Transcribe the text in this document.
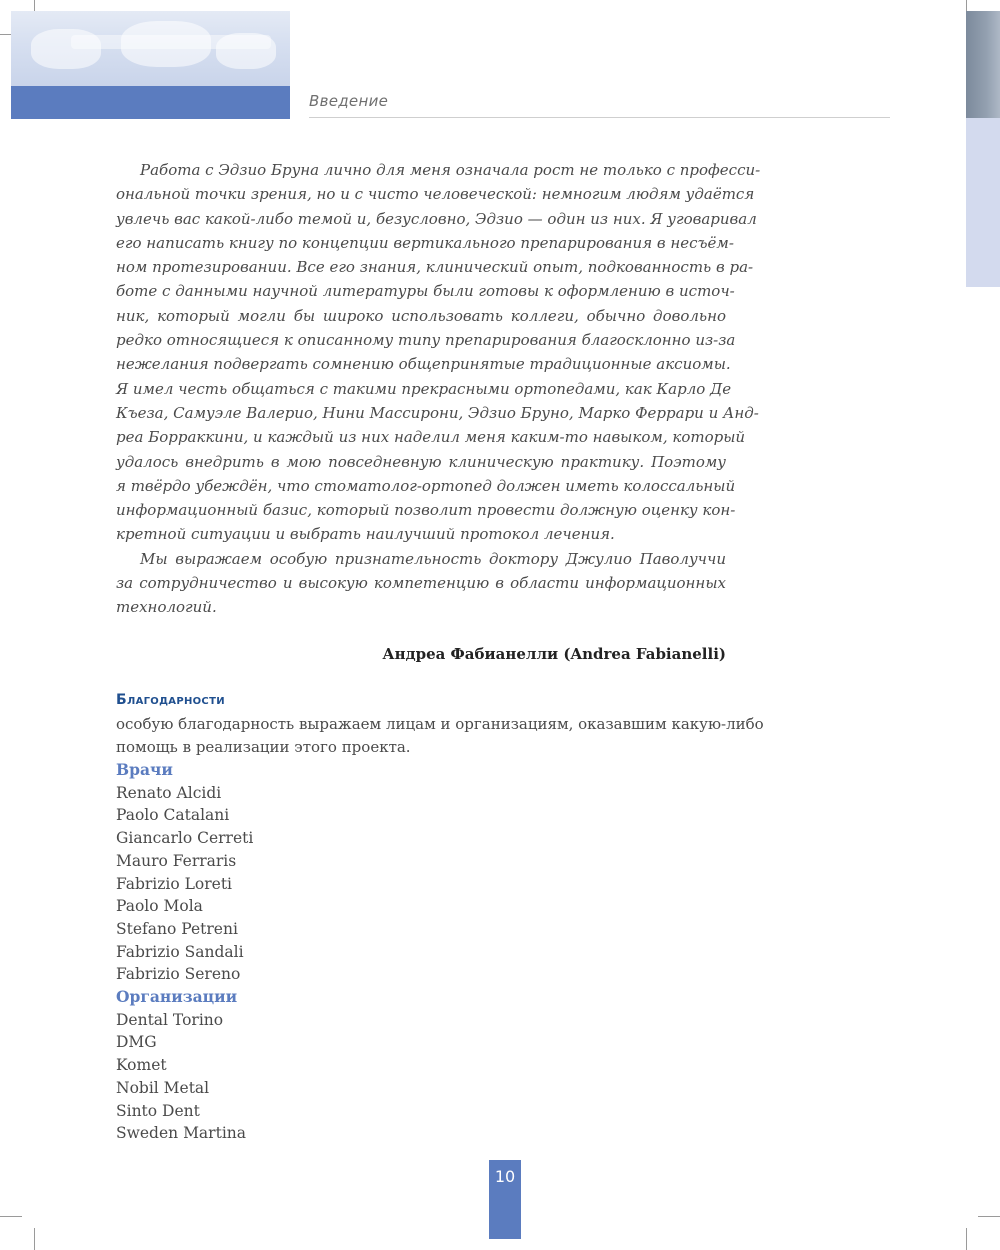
Введение
Работа с Эдзио Бруна лично для меня означала рост не только с професси-
ональной точки зрения, но и с чисто человеческой: немногим людям удаётся
увлечь вас какой-либо темой и, безусловно, Эдзио — один из них. Я уговаривал
его написать книгу по концепции вертикального препарирования в несъём-
ном протезировании. Все его знания, клинический опыт, подкованность в ра-
боте с данными научной литературы были готовы к оформлению в источ-
ник, который могли бы широко использовать коллеги, обычно довольно
редко относящиеся к описанному типу препарирования благосклонно из-за
нежелания подвергать сомнению общепринятые традиционные аксиомы.
Я имел честь общаться с такими прекрасными ортопедами, как Карло Де
Къеза, Самуэле Валерио, Нини Массирони, Эдзио Бруно, Марко Феррари и Анд-
реа Борраккини, и каждый из них наделил меня каким-то навыком, который
удалось внедрить в мою повседневную клиническую практику. Поэтому
я твёрдо убеждён, что стоматолог-ортопед должен иметь колоссальный
информационный базис, который позволит провести должную оценку кон-
кретной ситуации и выбрать наилучший протокол лечения.
Мы выражаем особую признательность доктору Джулио Паволуччи
за сотрудничество и высокую компетенцию в области информационных
технологий.
Андреа Фабианелли (Andrea Fabianelli)
Благодарности
особую благодарность выражаем лицам и организациям, оказавшим какую-либо
помощь в реализации этого проекта.
Врачи
Renato Alcidi
Paolo Catalani
Giancarlo Cerreti
Mauro Ferraris
Fabrizio Loreti
Paolo Mola
Stefano Petreni
Fabrizio Sandali
Fabrizio Sereno
Организации
Dental Torino
DMG
Komet
Nobil Metal
Sinto Dent
Sweden Martina
10
